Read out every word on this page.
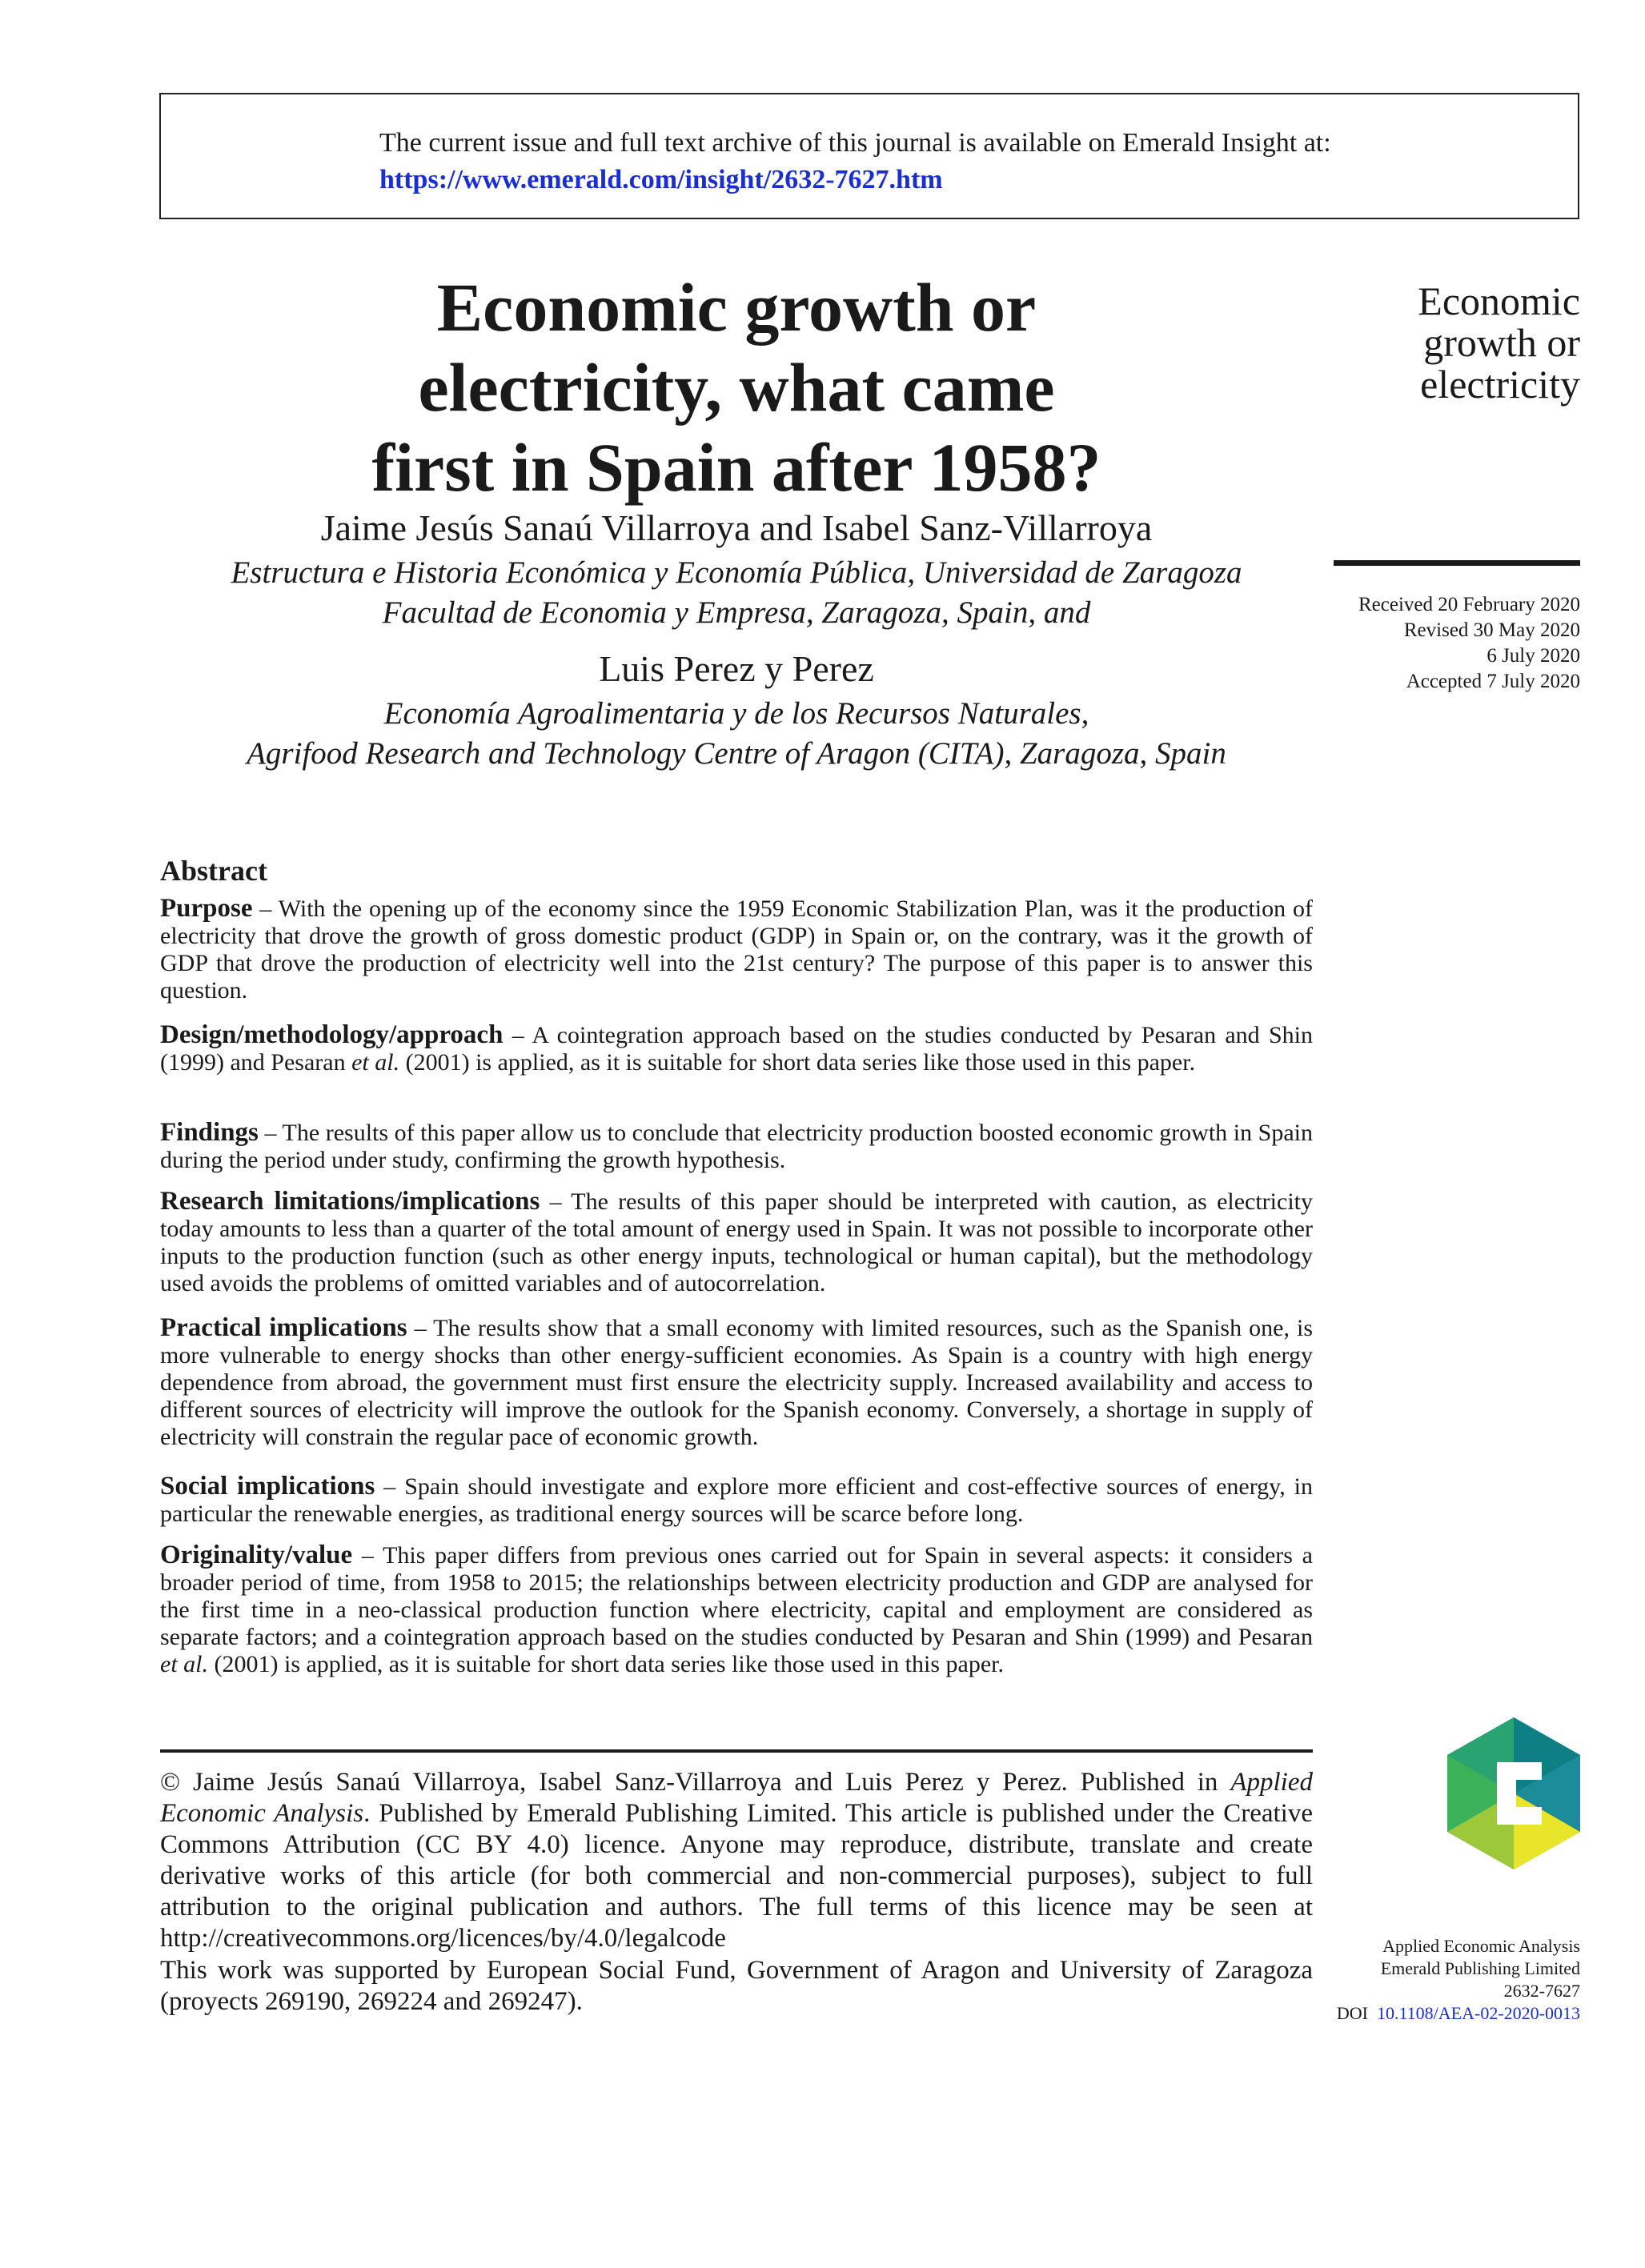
The current issue and full text archive of this journal is available on Emerald Insight at:
https://www.emerald.com/insight/2632-7627.htm
Economic growth or
electricity, what came
first in Spain after 1958?
Economic
growth or
electricity
Received 20 February 2020
Revised 30 May 2020
6 July 2020
Accepted 7 July 2020
Jaime Jesús Sanaú Villarroya and Isabel Sanz-Villarroya
Estructura e Historia Económica y Economía Pública, Universidad de Zaragoza
Facultad de Economia y Empresa, Zaragoza, Spain, and
Luis Perez y Perez
Economía Agroalimentaria y de los Recursos Naturales,
Agrifood Research and Technology Centre of Aragon (CITA), Zaragoza, Spain
Abstract
Purpose – With the opening up of the economy since the 1959 Economic Stabilization Plan, was it the production of electricity that drove the growth of gross domestic product (GDP) in Spain or, on the contrary, was it the growth of GDP that drove the production of electricity well into the 21st century? The purpose of this paper is to answer this question.
Design/methodology/approach – A cointegration approach based on the studies conducted by Pesaran and Shin (1999) and Pesaran et al. (2001) is applied, as it is suitable for short data series like those used in this paper.
Findings – The results of this paper allow us to conclude that electricity production boosted economic growth in Spain during the period under study, confirming the growth hypothesis.
Research limitations/implications – The results of this paper should be interpreted with caution, as electricity today amounts to less than a quarter of the total amount of energy used in Spain. It was not possible to incorporate other inputs to the production function (such as other energy inputs, technological or human capital), but the methodology used avoids the problems of omitted variables and of autocorrelation.
Practical implications – The results show that a small economy with limited resources, such as the Spanish one, is more vulnerable to energy shocks than other energy-sufficient economies. As Spain is a country with high energy dependence from abroad, the government must first ensure the electricity supply. Increased availability and access to different sources of electricity will improve the outlook for the Spanish economy. Conversely, a shortage in supply of electricity will constrain the regular pace of economic growth.
Social implications – Spain should investigate and explore more efficient and cost-effective sources of energy, in particular the renewable energies, as traditional energy sources will be scarce before long.
Originality/value – This paper differs from previous ones carried out for Spain in several aspects: it considers a broader period of time, from 1958 to 2015; the relationships between electricity production and GDP are analysed for the first time in a neo-classical production function where electricity, capital and employment are considered as separate factors; and a cointegration approach based on the studies conducted by Pesaran and Shin (1999) and Pesaran et al. (2001) is applied, as it is suitable for short data series like those used in this paper.
© Jaime Jesús Sanaú Villarroya, Isabel Sanz-Villarroya and Luis Perez y Perez. Published in Applied Economic Analysis. Published by Emerald Publishing Limited. This article is published under the Creative Commons Attribution (CC BY 4.0) licence. Anyone may reproduce, distribute, translate and create derivative works of this article (for both commercial and non-commercial purposes), subject to full attribution to the original publication and authors. The full terms of this licence may be seen at http://creativecommons.org/licences/by/4.0/legalcode
This work was supported by European Social Fund, Government of Aragon and University of Zaragoza (proyects 269190, 269224 and 269247).
Applied Economic Analysis
Emerald Publishing Limited
2632-7627
DOI 10.1108/AEA-02-2020-0013
